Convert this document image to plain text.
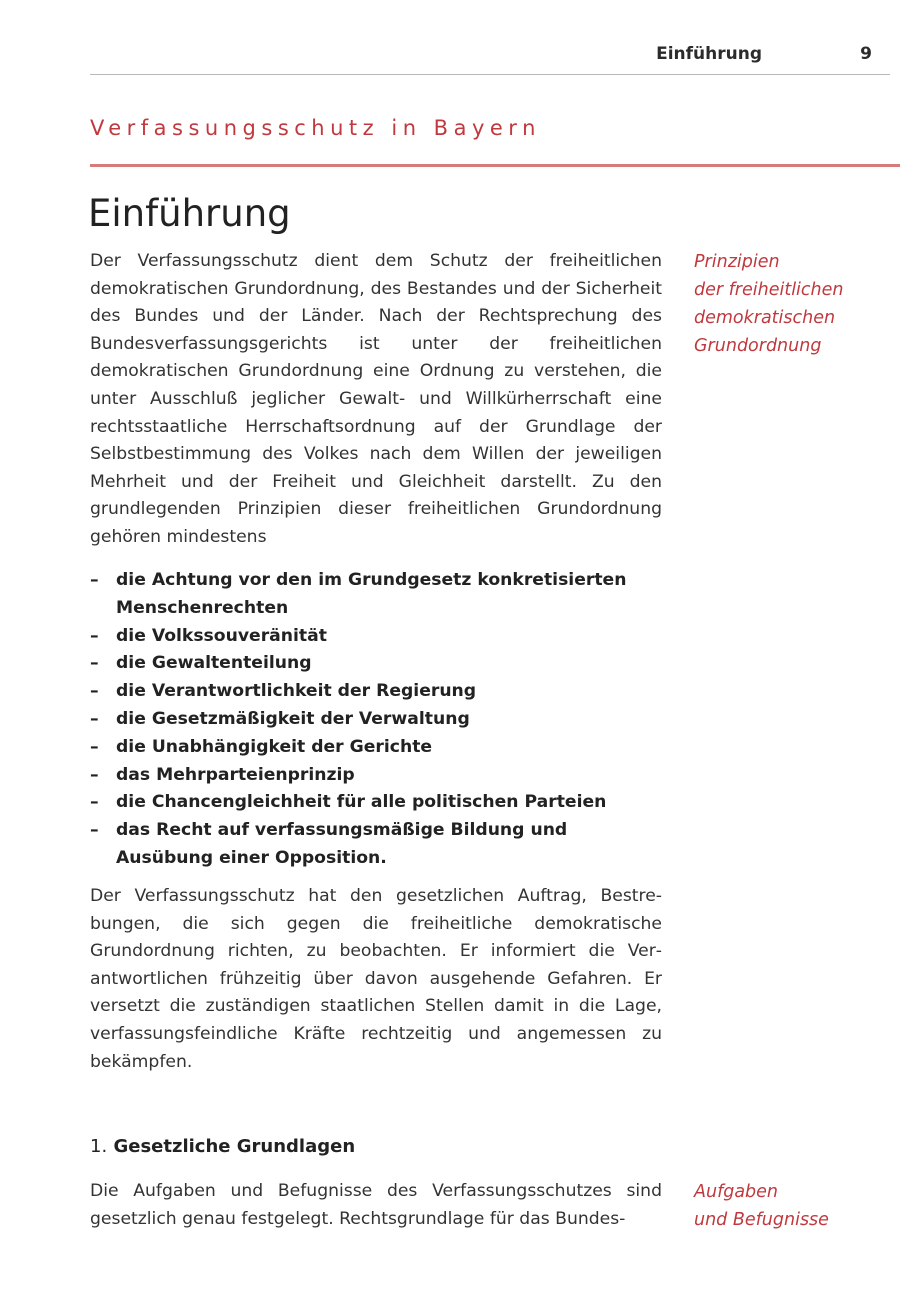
Einführung	9
Verfassungsschutz in Bayern
Einführung

Der Verfassungsschutz dient dem Schutz der freiheitlichen demokratischen Grundordnung, des Bestandes und der Sicherheit des Bundes und der Länder. Nach der Rechtsprechung des Bundesverfassungsgerichts ist unter der freiheitlichen demokratischen Grundordnung eine Ordnung zu verstehen, die unter Ausschluß jeglicher Gewalt- und Willkürherrschaft eine rechtsstaatliche Herrschaftsordnung auf der Grundlage der Selbstbestimmung des Volkes nach dem Willen der jeweiligen Mehrheit und der Freiheit und Gleichheit darstellt. Zu den grundlegenden Prinzipien dieser freiheitlichen Grundordnung gehören mindestens

Prinzipien
der freiheitlichen
demokratischen
Grundordnung
– die Achtung vor den im Grundgesetz konkretisierten Menschenrechten
– die Volkssouveränität
– die Gewaltenteilung
– die Verantwortlichkeit der Regierung
– die Gesetzmäßigkeit der Verwaltung
– die Unabhängigkeit der Gerichte
– das Mehrparteienprinzip
– die Chancengleichheit für alle politischen Parteien
– das Recht auf verfassungsmäßige Bildung und Ausübung einer Opposition.

Der Verfassungsschutz hat den gesetzlichen Auftrag, Bestrebungen, die sich gegen die freiheitliche demokratische Grundordnung richten, zu beobachten. Er informiert die Verantwortlichen frühzeitig über davon ausgehende Gefahren. Er versetzt die zuständigen staatlichen Stellen damit in die Lage, verfassungsfeindliche Kräfte rechtzeitig und angemessen zu bekämpfen.

1. Gesetzliche Grundlagen

Die Aufgaben und Befugnisse des Verfassungsschutzes sind gesetzlich genau festgelegt. Rechtsgrundlage für das Bundes-

Aufgaben
und Befugnisse
